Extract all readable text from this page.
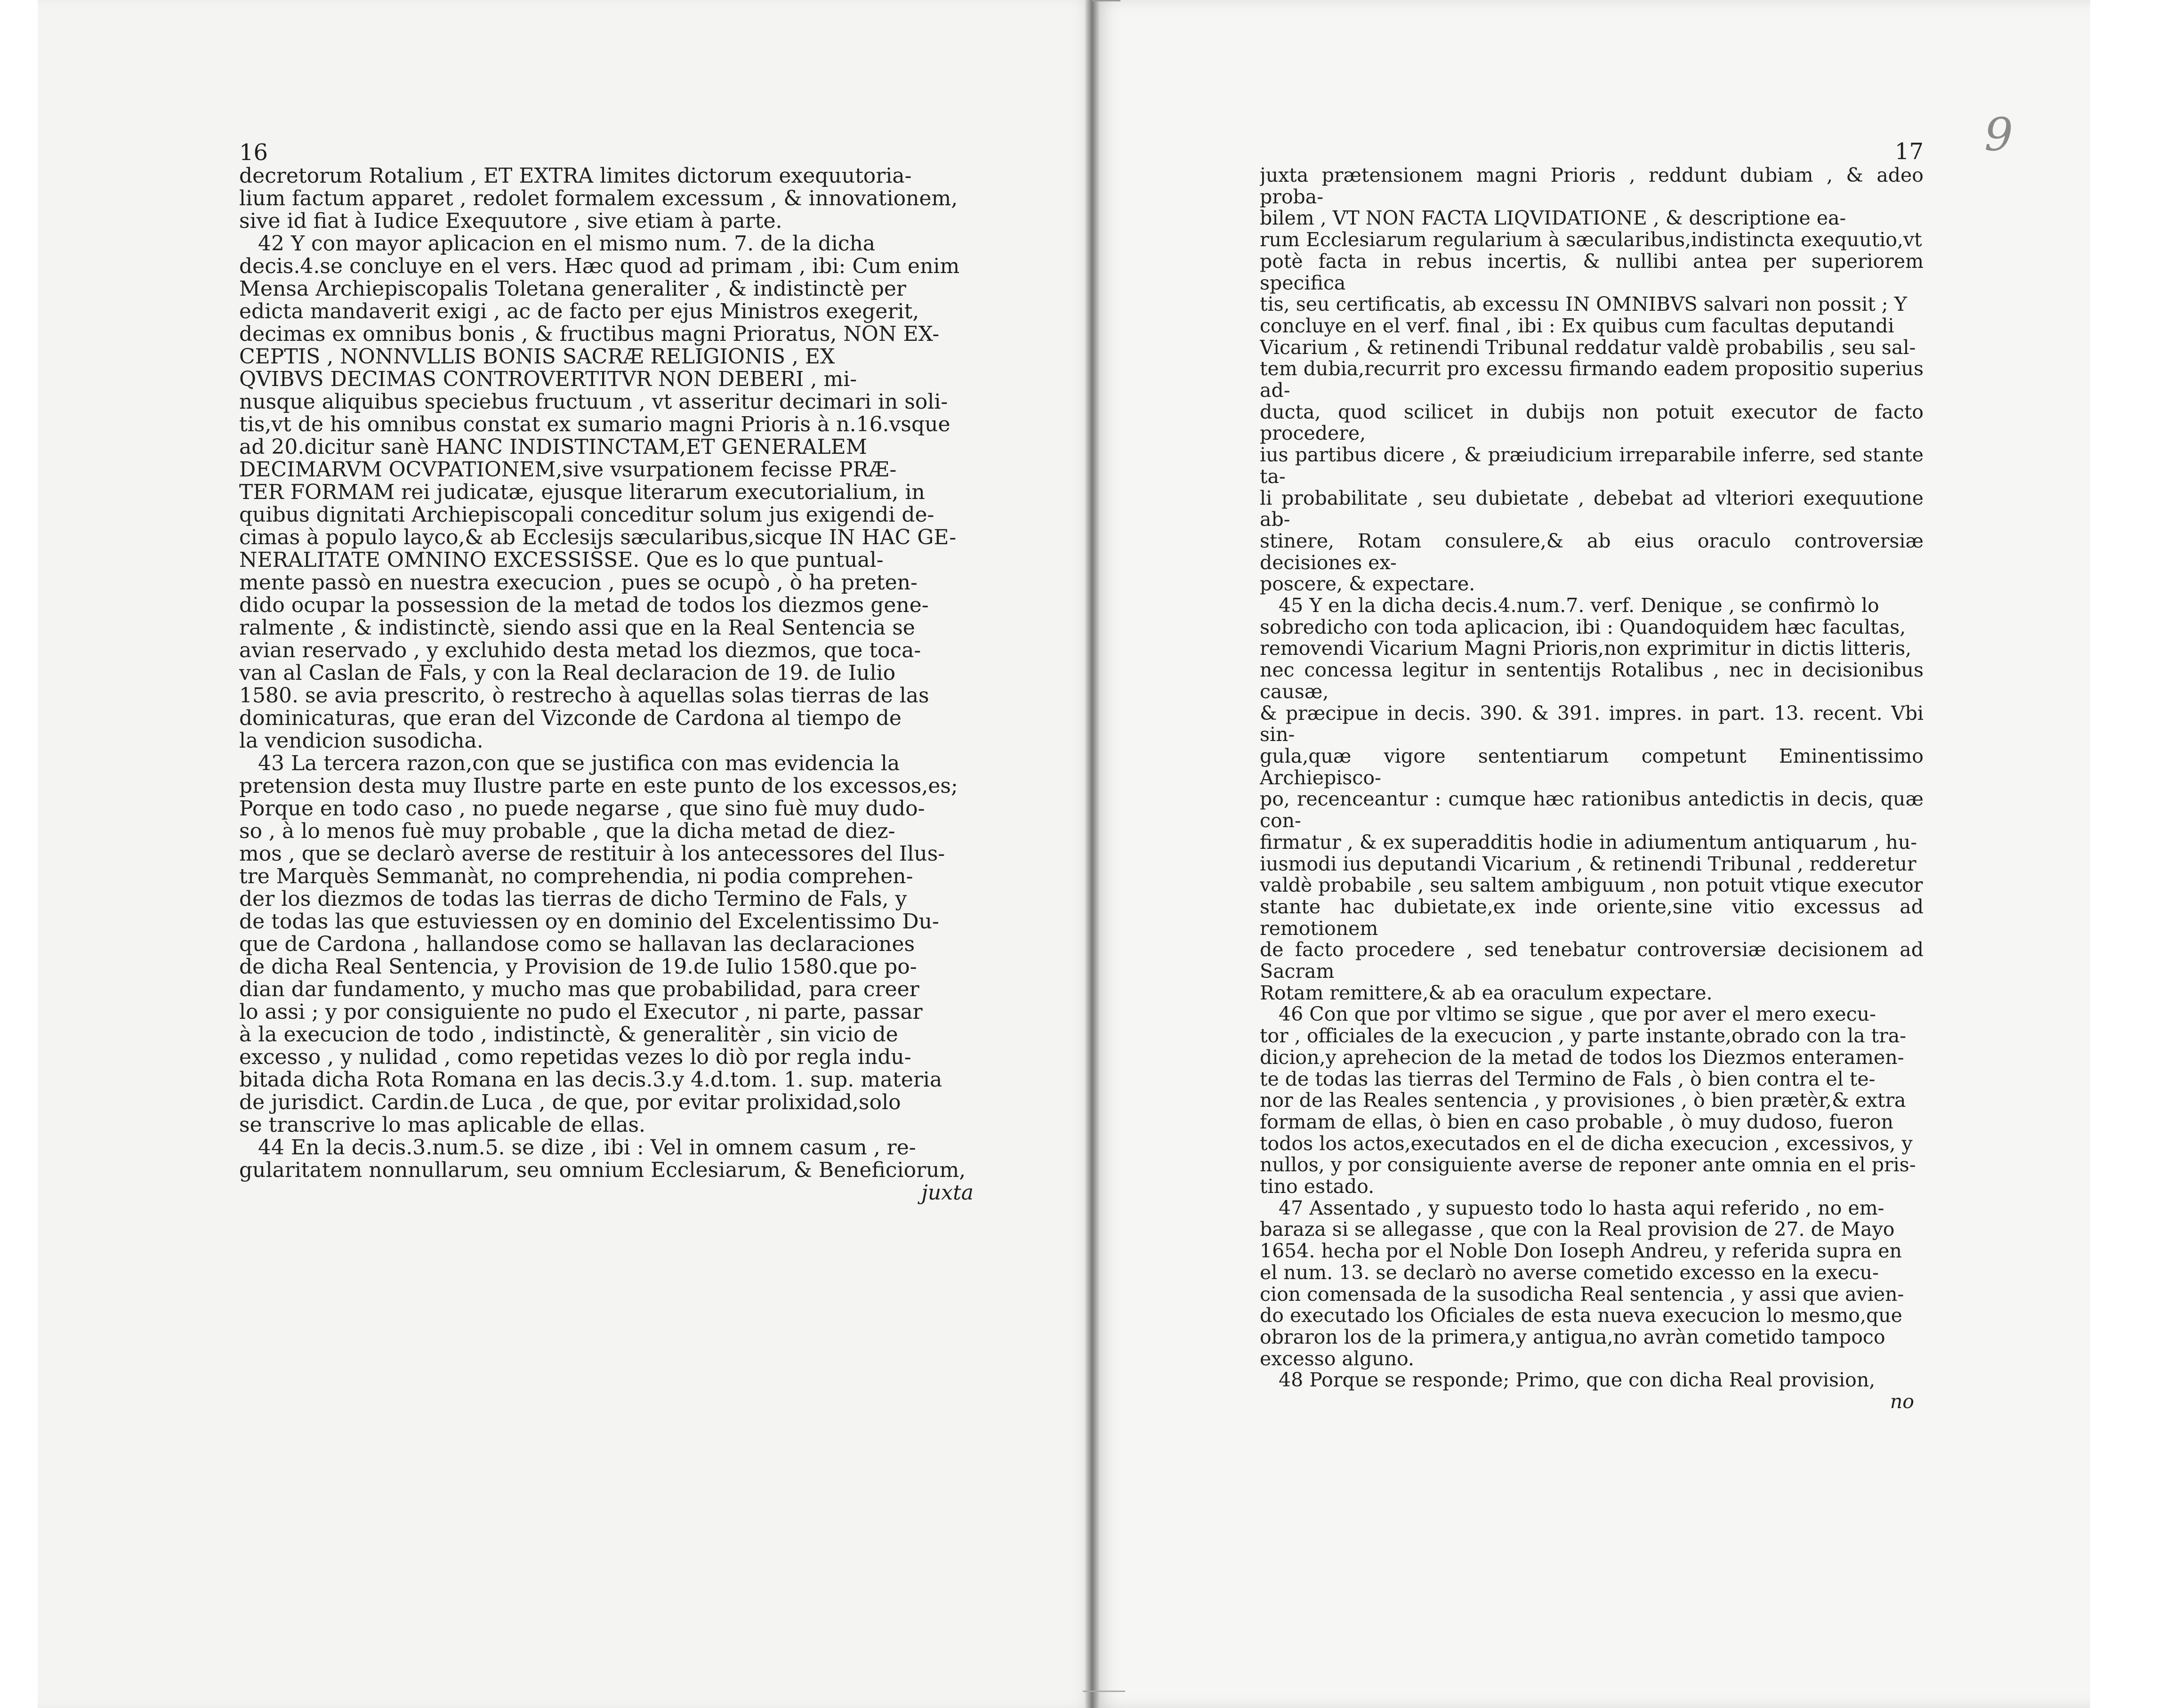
9
16

decretorum Rotalium , ET EXTRA limites dictorum exequutoria-

lium factum apparet , redolet formalem excessum , & innovationem,

sive id fiat à Iudice Exequutore , sive etiam à parte.

42 Y con mayor aplicacion en el mismo num. 7. de la dicha

decis.4.se concluye en el vers. Hæc quod ad primam , ibi: Cum enim

Mensa Archiepiscopalis Toletana generaliter , & indistinctè per

edicta mandaverit exigi , ac de facto per ejus Ministros exegerit,

decimas ex omnibus bonis , & fructibus magni Prioratus, NON EX-

CEPTIS , NONNVLLIS BONIS SACRÆ RELIGIONIS , EX

QVIBVS DECIMAS CONTROVERTITVR NON DEBERI , mi-

nusque aliquibus speciebus fructuum , vt asseritur decimari in soli-

tis,vt de his omnibus constat ex sumario magni Prioris à n.16.vsque

ad 20.dicitur sanè HANC INDISTINCTAM,ET GENERALEM

DECIMARVM OCVPATIONEM,sive vsurpationem fecisse PRÆ-

TER FORMAM rei judicatæ, ejusque literarum executorialium, in

quibus dignitati Archiepiscopali conceditur solum jus exigendi de-

cimas à populo layco,& ab Ecclesijs sæcularibus,sicque IN HAC GE-

NERALITATE OMNINO EXCESSISSE. Que es lo que puntual-

mente passò en nuestra execucion , pues se ocupò , ò ha preten-

dido ocupar la possession de la metad de todos los diezmos gene-

ralmente , & indistinctè, siendo assi que en la Real Sentencia se

avian reservado , y excluhido desta metad los diezmos, que toca-

van al Caslan de Fals, y con la Real declaracion de 19. de Iulio

1580. se avia prescrito, ò restrecho à aquellas solas tierras de las

dominicaturas, que eran del Vizconde de Cardona al tiempo de

la vendicion susodicha.

43 La tercera razon,con que se justifica con mas evidencia la

pretension desta muy Ilustre parte en este punto de los excessos,es;

Porque en todo caso , no puede negarse , que sino fuè muy dudo-

so , à lo menos fuè muy probable , que la dicha metad de diez-

mos , que se declarò averse de restituir à los antecessores del Ilus-

tre Marquès Semmanàt, no comprehendia, ni podia comprehen-

der los diezmos de todas las tierras de dicho Termino de Fals, y

de todas las que estuviessen oy en dominio del Excelentissimo Du-

que de Cardona , hallandose como se hallavan las declaraciones

de dicha Real Sentencia, y Provision de 19.de Iulio 1580.que po-

dian dar fundamento, y mucho mas que probabilidad, para creer

lo assi ; y por consiguiente no pudo el Executor , ni parte, passar

à la execucion de todo , indistinctè, & generalitèr , sin vicio de

excesso , y nulidad , como repetidas vezes lo diò por regla indu-

bitada dicha Rota Romana en las decis.3.y 4.d.tom. 1. sup. materia

de jurisdict. Cardin.de Luca , de que, por evitar prolixidad,solo

se transcrive lo mas aplicable de ellas.

44 En la decis.3.num.5. se dize , ibi : Vel in omnem casum , re-

gularitatem nonnullarum, seu omnium Ecclesiarum, & Beneficiorum,

juxta
17

juxta prætensionem magni Prioris , reddunt dubiam , & adeo proba-

bilem , VT NON FACTA LIQVIDATIONE , & descriptione ea-

rum Ecclesiarum regularium à sæcularibus,indistincta exequutio,vt

potè facta in rebus incertis, & nullibi antea per superiorem specifica

tis, seu certificatis, ab excessu IN OMNIBVS salvari non possit ; Y

concluye en el verf. final , ibi : Ex quibus cum facultas deputandi

Vicarium , & retinendi Tribunal reddatur valdè probabilis , seu sal-

tem dubia,recurrit pro excessu firmando eadem propositio superius ad-

ducta, quod scilicet in dubijs non potuit executor de facto procedere,

ius partibus dicere , & præiudicium irreparabile inferre, sed stante ta-

li probabilitate , seu dubietate , debebat ad vlteriori exequutione ab-

stinere, Rotam consulere,& ab eius oraculo controversiæ decisiones ex-

poscere, & expectare.

45 Y en la dicha decis.4.num.7. verf. Denique , se confirmò lo

sobredicho con toda aplicacion, ibi : Quandoquidem hæc facultas,

removendi Vicarium Magni Prioris,non exprimitur in dictis litteris,

nec concessa legitur in sententijs Rotalibus , nec in decisionibus causæ,

& præcipue in decis. 390. & 391. impres. in part. 13. recent. Vbi sin-

gula,quæ vigore sententiarum competunt Eminentissimo Archiepisco-

po, recenceantur : cumque hæc rationibus antedictis in decis, quæ con-

firmatur , & ex superadditis hodie in adiumentum antiquarum , hu-

iusmodi ius deputandi Vicarium , & retinendi Tribunal , redderetur

valdè probabile , seu saltem ambiguum , non potuit vtique executor

stante hac dubietate,ex inde oriente,sine vitio excessus ad remotionem

de facto procedere , sed tenebatur controversiæ decisionem ad Sacram

Rotam remittere,& ab ea oraculum expectare.

46 Con que por vltimo se sigue , que por aver el mero execu-

tor , officiales de la execucion , y parte instante,obrado con la tra-

dicion,y aprehecion de la metad de todos los Diezmos enteramen-

te de todas las tierras del Termino de Fals , ò bien contra el te-

nor de las Reales sentencia , y provisiones , ò bien prætèr,& extra

formam de ellas, ò bien en caso probable , ò muy dudoso, fueron

todos los actos,executados en el de dicha execucion , excessivos, y

nullos, y por consiguiente averse de reponer ante omnia en el pris-

tino estado.

47 Assentado , y supuesto todo lo hasta aqui referido , no em-

baraza si se allegasse , que con la Real provision de 27. de Mayo

1654. hecha por el Noble Don Ioseph Andreu, y referida supra en

el num. 13. se declarò no averse cometido excesso en la execu-

cion comensada de la susodicha Real sentencia , y assi que avien-

do executado los Oficiales de esta nueva execucion lo mesmo,que

obraron los de la primera,y antigua,no avràn cometido tampoco

excesso alguno.

48 Porque se responde; Primo, que con dicha Real provision,

no
